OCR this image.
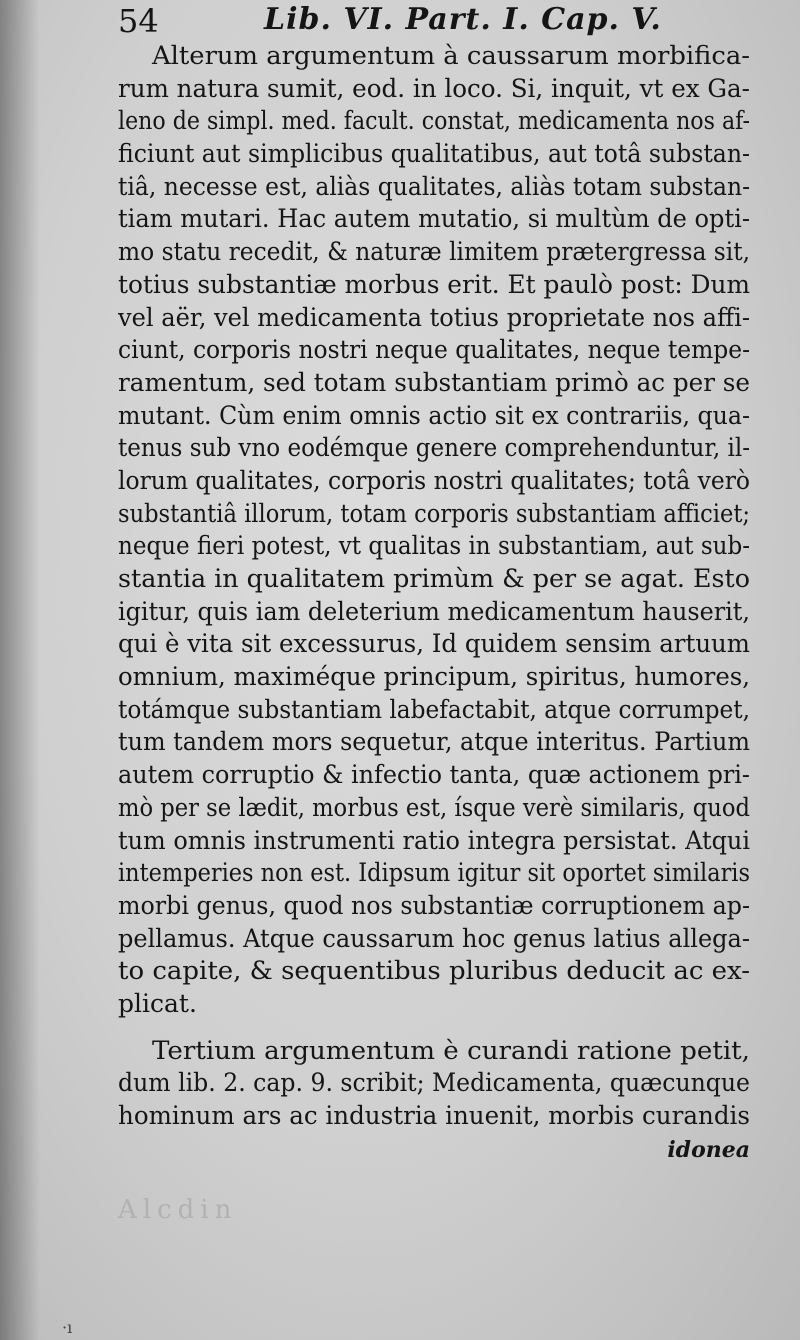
54	Lib. VI. Part. I. Cap. V.
Alterum argumentum à caussarum morbifica-
rum natura sumit, eod. in loco. Si, inquit, vt ex Ga-
leno de simpl. med. facult. constat, medicamenta nos af-
ficiunt aut simplicibus qualitatibus, aut totâ substan-
tiâ, necesse est, aliàs qualitates, aliàs totam substan-
tiam mutari. Hac autem mutatio, si multùm de opti-
mo statu recedit, & naturæ limitem prætergressa sit,
totius substantiæ morbus erit. Et paulò post: Dum
vel aër, vel medicamenta totius proprietate nos affi-
ciunt, corporis nostri neque qualitates, neque tempe-
ramentum, sed totam substantiam primò ac per se
mutant. Cùm enim omnis actio sit ex contrariis, qua-
tenus sub vno eodémque genere comprehenduntur, il-
lorum qualitates, corporis nostri qualitates; totâ verò
substantiâ illorum, totam corporis substantiam afficiet;
neque fieri potest, vt qualitas in substantiam, aut sub-
stantia in qualitatem primùm & per se agat. Esto
igitur, quis iam deleterium medicamentum hauserit,
qui è vita sit excessurus, Id quidem sensim artuum
omnium, maximéque principum, spiritus, humores,
totámque substantiam labefactabit, atque corrumpet,
tum tandem mors sequetur, atque interitus. Partium
autem corruptio & infectio tanta, quæ actionem pri-
mò per se lædit, morbus est, ísque verè similaris, quod
tum omnis instrumenti ratio integra persistat. Atqui
intemperies non est. Idipsum igitur sit oportet similaris
morbi genus, quod nos substantiæ corruptionem ap-
pellamus. Atque caussarum hoc genus latius allega-
to capite, & sequentibus pluribus deducit ac ex-
plicat.
Tertium argumentum è curandi ratione petit,
dum lib. 2. cap. 9. scribit; Medicamenta, quæcunque
hominum ars ac industria inuenit, morbis curandis
idonea
Alcdin
·ı
